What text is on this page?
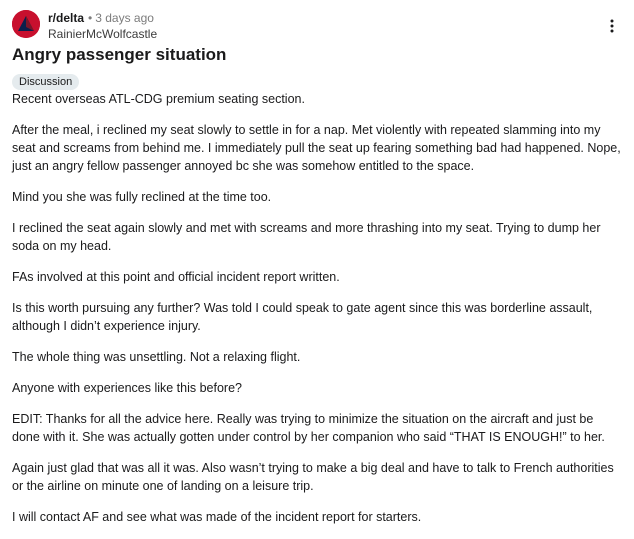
r/delta • 3 days ago
RainierMcWolfcastle
Angry passenger situation
Discussion

Recent overseas ATL-CDG premium seating section.

After the meal, i reclined my seat slowly to settle in for a nap. Met violently with repeated slamming into my seat and screams from behind me. I immediately pull the seat up fearing something bad had happened. Nope, just an angry fellow passenger annoyed bc she was somehow entitled to the space.

Mind you she was fully reclined at the time too.

I reclined the seat again slowly and met with screams and more thrashing into my seat. Trying to dump her soda on my head.

FAs involved at this point and official incident report written.

Is this worth pursuing any further? Was told I could speak to gate agent since this was borderline assault, although I didn’t experience injury.

The whole thing was unsettling. Not a relaxing flight.

Anyone with experiences like this before?

EDIT: Thanks for all the advice here. Really was trying to minimize the situation on the aircraft and just be done with it. She was actually gotten under control by her companion who said “THAT IS ENOUGH!” to her.

Again just glad that was all it was. Also wasn’t trying to make a big deal and have to talk to French authorities or the airline on minute one of landing on a leisure trip.

I will contact AF and see what was made of the incident report for starters.
